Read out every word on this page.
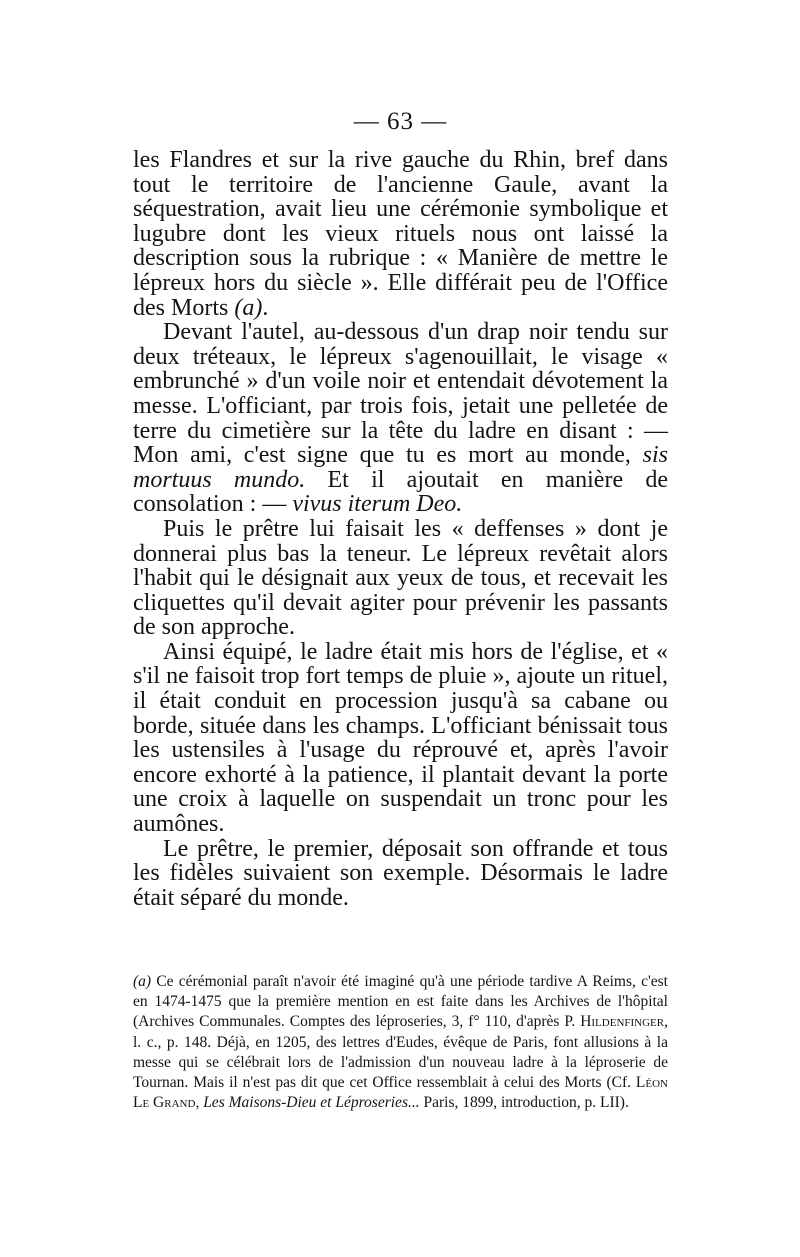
— 63 —

les Flandres et sur la rive gauche du Rhin, bref dans tout le territoire de l'ancienne Gaule, avant la séquestration, avait lieu une cérémonie symbolique et lugubre dont les vieux rituels nous ont laissé la description sous la rubrique : « Manière de mettre le lépreux hors du siècle ». Elle différait peu de l'Office des Morts (a).

Devant l'autel, au-dessous d'un drap noir tendu sur deux tréteaux, le lépreux s'agenouillait, le visage « embrunché » d'un voile noir et entendait dévotement la messe. L'officiant, par trois fois, jetait une pelletée de terre du cimetière sur la tête du ladre en disant : — Mon ami, c'est signe que tu es mort au monde, sis mortuus mundo. Et il ajoutait en manière de consolation : — vivus iterum Deo.

Puis le prêtre lui faisait les « deffenses » dont je donnerai plus bas la teneur. Le lépreux revêtait alors l'habit qui le désignait aux yeux de tous, et recevait les cliquettes qu'il devait agiter pour prévenir les passants de son approche.

Ainsi équipé, le ladre était mis hors de l'église, et « s'il ne faisoit trop fort temps de pluie », ajoute un rituel, il était conduit en procession jusqu'à sa cabane ou borde, située dans les champs. L'officiant bénissait tous les ustensiles à l'usage du réprouvé et, après l'avoir encore exhorté à la patience, il plantait devant la porte une croix à laquelle on suspendait un tronc pour les aumônes.

Le prêtre, le premier, déposait son offrande et tous les fidèles suivaient son exemple. Désormais le ladre était séparé du monde.

(a) Ce cérémonial paraît n'avoir été imaginé qu'à une période tardive A Reims, c'est en 1474-1475 que la première mention en est faite dans les Archives de l'hôpital (Archives Communales. Comptes des léproseries, 3, f° 110, d'après P. Hildenfinger, l. c., p. 148. Déjà, en 1205, des lettres d'Eudes, évêque de Paris, font allusions à la messe qui se célébrait lors de l'admission d'un nouveau ladre à la léproserie de Tournan. Mais il n'est pas dit que cet Office ressemblait à celui des Morts (Cf. Léon Le Grand, Les Maisons-Dieu et Léproseries... Paris, 1899, introduction, p. LII).
